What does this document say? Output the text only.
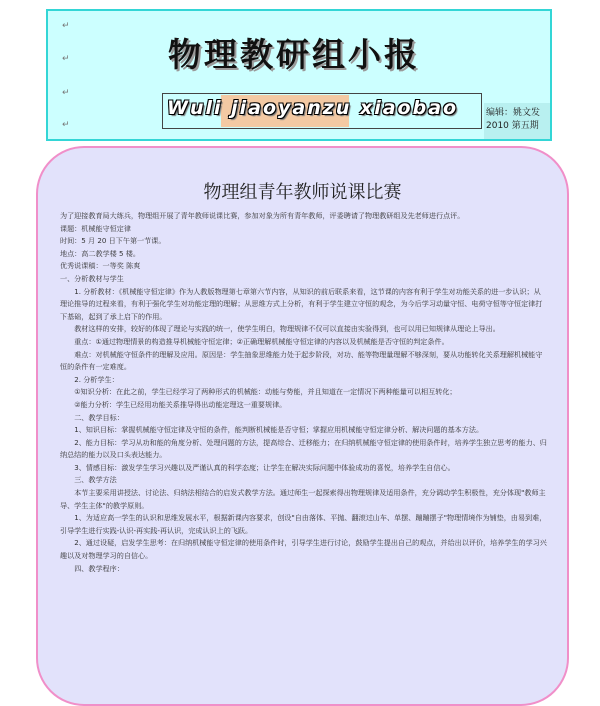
↵
↵
↵
↵
物理教研组小报
Wuli jiaoyanzu xiaobao	编辑：姚文发
2010 第五期
物理组青年教师说课比赛

为了迎接教育局大练兵，物理组开展了青年教师说课比赛，参加对象为所有青年教师，评委聘请了物理教研组及先老师进行点评。

课题：机械能守恒定律

时间：5 月 20 日下午第一节课。

地点：高二教学楼 5 楼。

优秀说课稿：一等奖 陈爽

一、分析教材与学生

1. 分析教材：《机械能守恒定律》作为人教版物理第七章第六节内容，从知识的前后联系来看，这节课的内容有利于学生对功能关系的进一步认识；从理论推导的过程来看，有利于强化学生对功能定理的理解；从思维方式上分析，有利于学生建立守恒的观念，为今后学习动量守恒、电荷守恒等守恒定律打下基础，起到了承上启下的作用。

教材这样的安排，较好的体现了理论与实践的统一，使学生明白，物理规律不仅可以直接由实验得到，也可以用已知规律从理论上导出。

重点：①通过物理情景的构造推导机械能守恒定律；②正确理解机械能守恒定律的内容以及机械能是否守恒的判定条件。

难点：对机械能守恒条件的理解及应用。原因是：学生抽象思维能力处于起步阶段，对功、能等物理量理解不够深刻，要从功能转化关系理解机械能守恒的条件有一定难度。

2. 分析学生：

①知识分析：在此之前，学生已经学习了两种形式的机械能：动能与势能，并且知道在一定情况下两种能量可以相互转化；

②能力分析：学生已经用功能关系推导得出动能定理这一重要规律。

二、教学目标：

1、知识目标：掌握机械能守恒定律及守恒的条件，能判断机械能是否守恒；掌握应用机械能守恒定律分析、解决问题的基本方法。

2、能力目标：学习从功和能的角度分析、处理问题的方法，提高综合、迁移能力；在归纳机械能守恒定律的使用条件时，培养学生独立思考的能力、归纳总结的能力以及口头表达能力。

3、情感目标：激发学生学习兴趣以及严谨认真的科学态度；让学生在解决实际问题中体验成功的喜悦，培养学生自信心。

三、教学方法

本节主要采用讲授法、讨论法、归纳法相结合的启发式教学方法。通过师生一起探索得出物理规律及适用条件，充分调动学生积极性，充分体现"教师主导、学生主体"的教学原则。

1、为适应高一学生的认识和思维发展水平，根据新课内容要求，创设"自由落体、平抛、翻滚过山车、单摆、蹦蹦摆子"物理情境作为铺垫，由易到难，引导学生进行实践-认识-再实践-再认识，完成认识上的飞跃。

2、通过设疑，启发学生思考：在归纳机械能守恒定律的使用条件时，引导学生进行讨论，鼓励学生提出自己的观点，并给出以评价，培养学生的学习兴趣以及对物理学习的自信心。

四、教学程序：
